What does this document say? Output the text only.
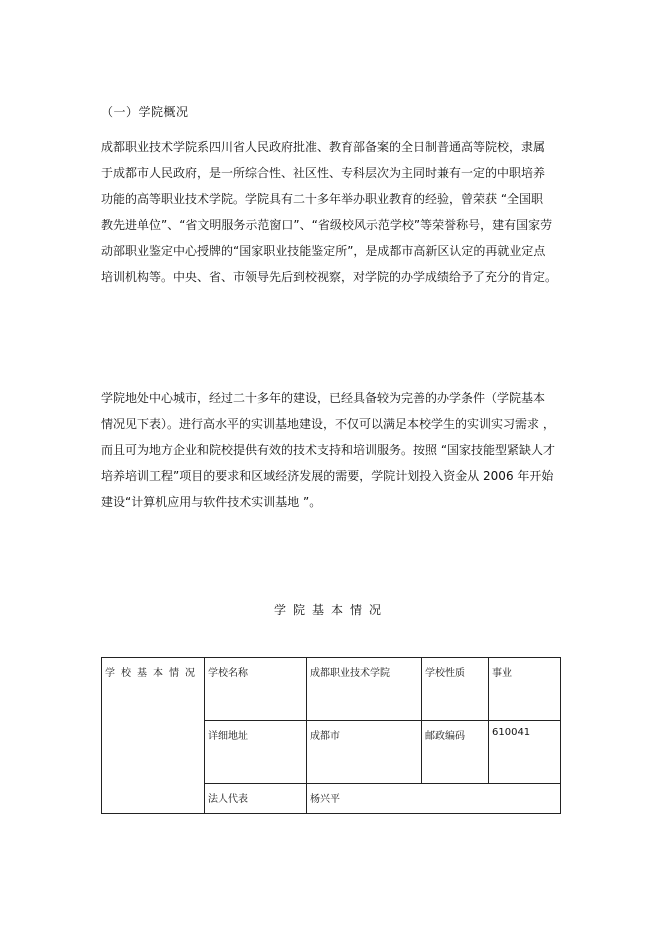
（一）学院概况

成都职业技术学院系四川省人民政府批准、教育部备案的全日制普通高等院校，隶属
于成都市人民政府，是一所综合性、社区性、专科层次为主同时兼有一定的中职培养
功能的高等职业技术学院。学院具有二十多年举办职业教育的经验，曾荣获 “全国职
教先进单位”、“省文明服务示范窗口”、“省级校风示范学校”等荣誉称号，建有国家劳
动部职业鉴定中心授牌的“国家职业技能鉴定所”，是成都市高新区认定的再就业定点
培训机构等。中央、省、市领导先后到校视察，对学院的办学成绩给予了充分的肯定。

学院地处中心城市，经过二十多年的建设，已经具备较为完善的办学条件（学院基本
情况见下表）。进行高水平的实训基地建设，不仅可以满足本校学生的实训实习需求 ，
而且可为地方企业和院校提供有效的技术支持和培训服务。按照 “国家技能型紧缺人才
培养培训工程”项目的要求和区域经济发展的需要，学院计划投入资金从 2006 年开始
建设“计算机应用与软件技术实训基地 ”。

学院基本情况
学校基本情况	学校名称	成都职业技术学院	学校性质	事业
	详细地址	成都市	邮政编码	610041
	法人代表	杨兴平		
